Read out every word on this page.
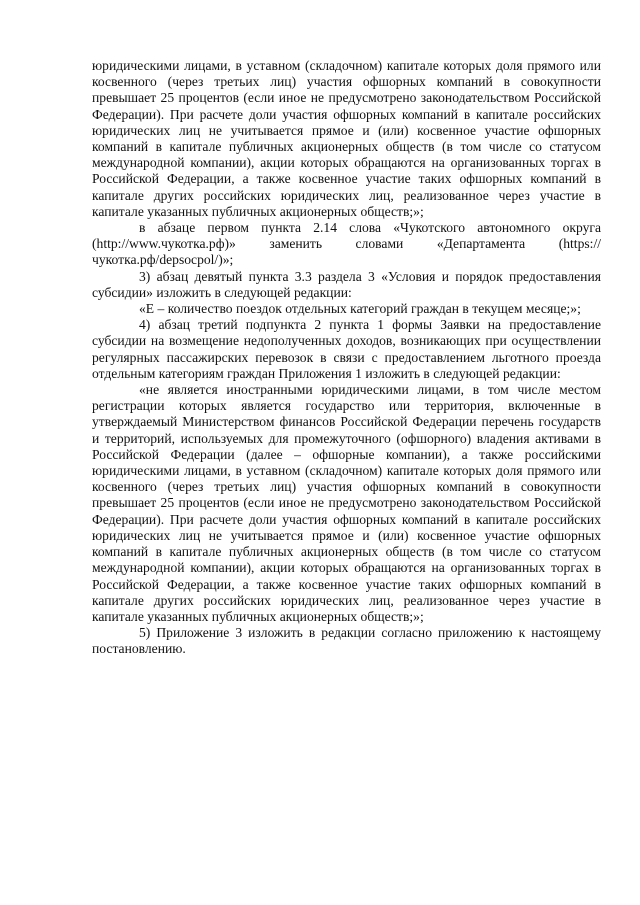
юридическими лицами, в уставном (складочном) капитале которых доля прямого или косвенного (через третьих лиц) участия офшорных компаний в совокупности превышает 25 процентов (если иное не предусмотрено законодательством Российской Федерации). При расчете доли участия офшорных компаний в капитале российских юридических лиц не учитывается прямое и (или) косвенное участие офшорных компаний в капитале публичных акционерных обществ (в том числе со статусом международной компании), акции которых обращаются на организованных торгах в Российской Федерации, а также косвенное участие таких офшорных компаний в капитале других российских юридических лиц, реализованное через участие в капитале указанных публичных акционерных обществ;»;

в абзаце первом пункта 2.14 слова «Чукотского автономного округа (http://www.чукотка.рф)» заменить словами «Департамента (https://чукотка.рф/depsocpol/)»;

3) абзац девятый пункта 3.3 раздела 3 «Условия и порядок предоставления субсидии» изложить в следующей редакции:

«Е – количество поездок отдельных категорий граждан в текущем месяце;»;

4) абзац третий подпункта 2 пункта 1 формы Заявки на предоставление субсидии на возмещение недополученных доходов, возникающих при осуществлении регулярных пассажирских перевозок в связи с предоставлением льготного проезда отдельным категориям граждан Приложения 1 изложить в следующей редакции:

«не является иностранными юридическими лицами, в том числе местом регистрации которых является государство или территория, включенные в утверждаемый Министерством финансов Российской Федерации перечень государств и территорий, используемых для промежуточного (офшорного) владения активами в Российской Федерации (далее – офшорные компании), а также российскими юридическими лицами, в уставном (складочном) капитале которых доля прямого или косвенного (через третьих лиц) участия офшорных компаний в совокупности превышает 25 процентов (если иное не предусмотрено законодательством Российской Федерации). При расчете доли участия офшорных компаний в капитале российских юридических лиц не учитывается прямое и (или) косвенное участие офшорных компаний в капитале публичных акционерных обществ (в том числе со статусом международной компании), акции которых обращаются на организованных торгах в Российской Федерации, а также косвенное участие таких офшорных компаний в капитале других российских юридических лиц, реализованное через участие в капитале указанных публичных акционерных обществ;»;

5) Приложение 3 изложить в редакции согласно приложению к настоящему постановлению.
